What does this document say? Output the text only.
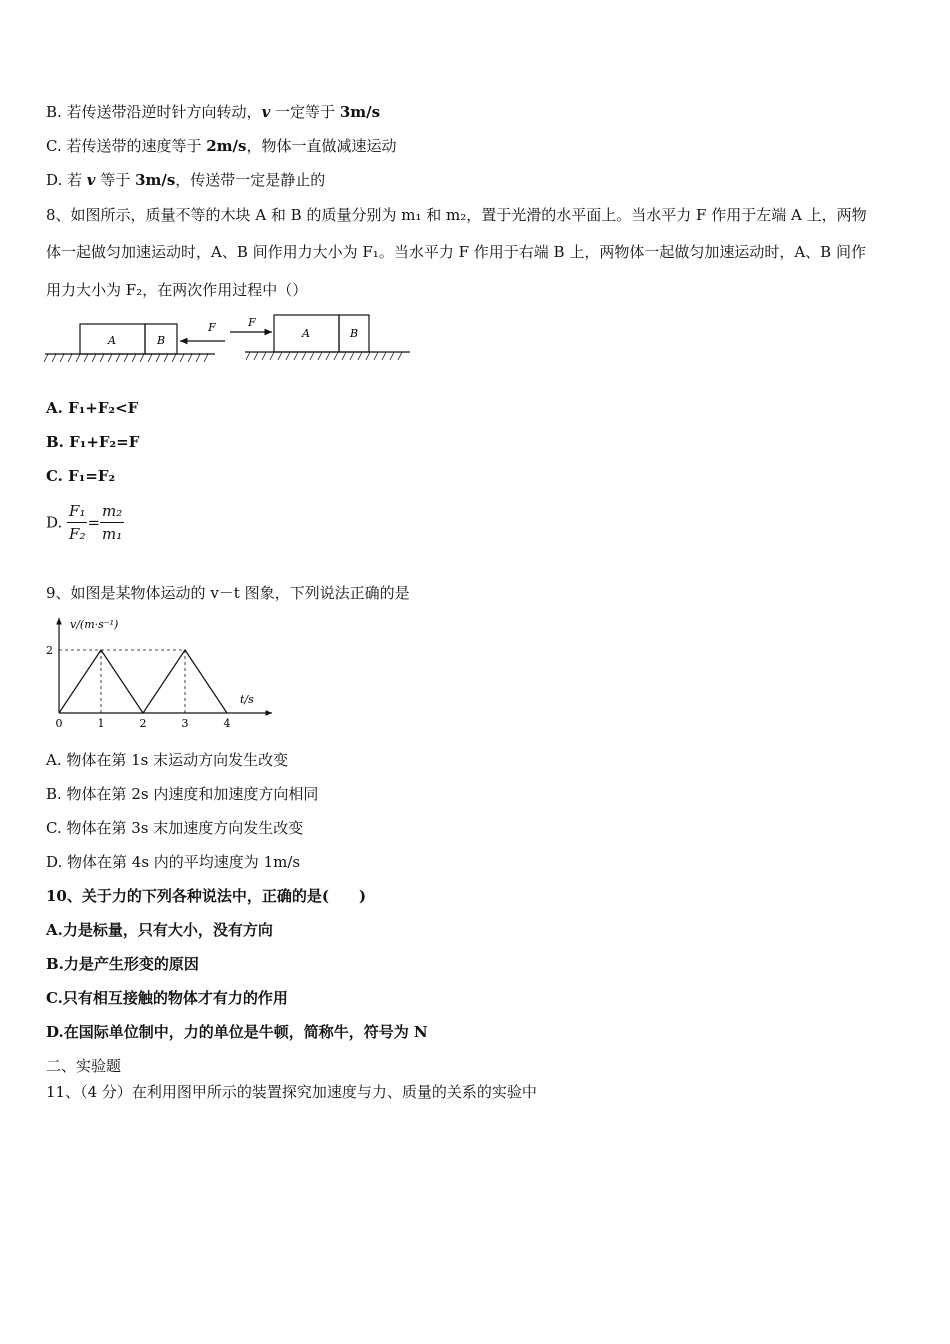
B. 若传送带沿逆时针方向转动，v 一定等于 3m/s
C. 若传送带的速度等于 2m/s，物体一直做减速运动
D. 若 v 等于 3m/s，传送带一定是静止的
8、如图所示，质量不等的木块 A 和 B 的质量分别为 m₁ 和 m₂，置于光滑的水平面上。当水平力 F 作用于左端 A 上，两物
体一起做匀加速运动时，A、B 间作用力大小为 F₁。当水平力 F 作用于右端 B 上，两物体一起做匀加速运动时，A、B 间作
用力大小为 F₂，在两次作用过程中（）
A	B
F	A	B
F
A. F₁+F₂<F
B. F₁+F₂=F
C. F₁=F₂
D. $\frac{\text{F₁}}{\text{F₂}} = \frac{\text{m₂}}{\text{m₁}}$
9、如图是某物体运动的 v－t 图象，下列说法正确的是
v/(m·s⁻¹)
t/s
0	1	2	3	4
2
A. 物体在第 1s 末运动方向发生改变
B. 物体在第 2s 内速度和加速度方向相同
C. 物体在第 3s 末加速度方向发生改变
D. 物体在第 4s 内的平均速度为 1m/s
10、关于力的下列各种说法中，正确的是(　　)
A.力是标量，只有大小，没有方向
B.力是产生形变的原因
C.只有相互接触的物体才有力的作用
D.在国际单位制中，力的单位是牛顿，简称牛，符号为 N
二、实验题
11、（4 分）在利用图甲所示的装置探究加速度与力、质量的关系的实验中
